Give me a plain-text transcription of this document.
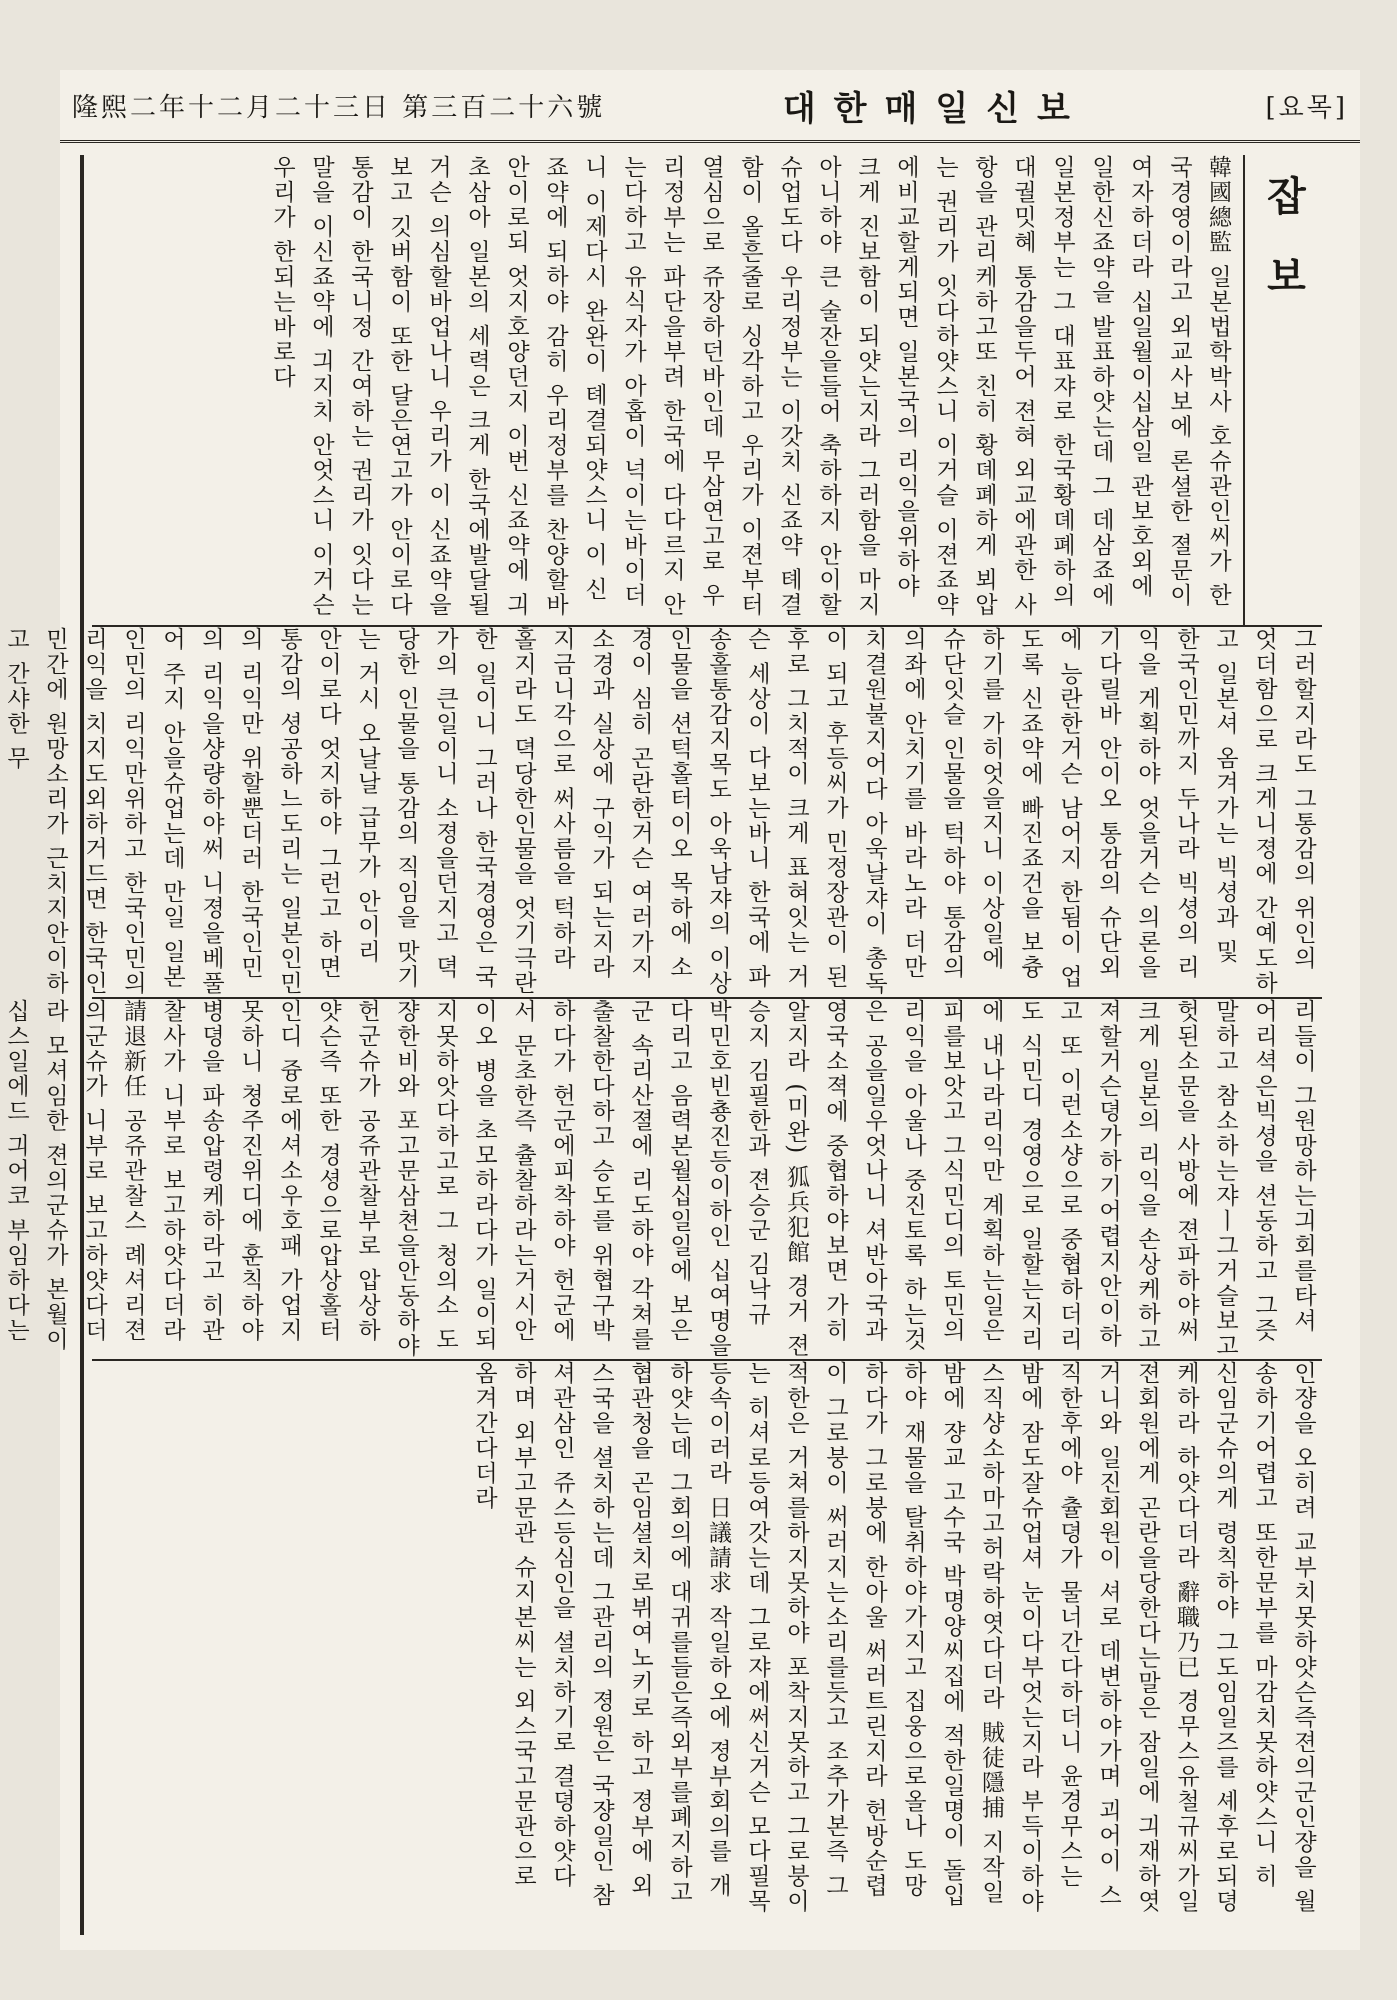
隆熙二年十二月二十三日 第三百二十六號	대한매일신보	[요목]
잡보
韓國總監 일본법학박사 호슈관인씨가 한국경영이라고 외교사보에 론셜한 졀문이 여자하더라 십일월이십삼일 관보호외에 일한신죠약을 발표하얏는데 그 데삼죠에 일본정부는 그 대표쟈로 한국황뎨폐하의 대궐밋혜 통감을두어 젼혀 외교에관한 사항을 관리케하고또 친히 황뎨폐하게 뵈압는 권리가 잇다하얏스니 이거슬 이젼죠약에비교할게되면 일본국의 리익을위하야 크게 진보함이 되얏는지라 그러함을 마지아니하야 큰 술잔을들어 축하하지 안이할슈업도다 우리정부는 이갓치 신죠약 톄결함이 올흔줄로 싱각하고 우리가 이젼부터 열심으로 쥬장하던바인데 무삼연고로 우리정부는 파단을부려 한국에 다다르지 안는다하고 유식자가 아홉이 넉이는바이더니 이제다시 완완이 톄결되얏스니 이 신죠약에 되하야 감히 우리정부를 찬양할바안이로되 엇지호양던지 이번 신죠약에 긔초삼아 일본의 세력은 크게 한국에발달될거슨 의심할바업나니 우리가 이 신죠약을보고 깃버함이 또한 달은연고가 안이로다 통감이 한국니정 간여하는 권리가 잇다는말을 이신죠약에 긔지치 안엇스니 이거슨 우리가 한되는바로다
그러할지라도 그통감의 위인의 엇더함으로 크게니졍에 간예도하고 일본셔 옴겨가는 빅셩과 및 한국인민까지 두나라 빅셩의 리익을 게획하야 엇을거슨 의론을 기다릴바 안이오 통감의 슈단외에 능란한거슨 남어지 한됨이 업도록 신죠약에 빠진죠건을 보츙하기를 가히엇을지니 이상일에 슈단잇슬 인물을 턱하야 통감의 의좌에 안치기를 바라노라 더만치결원불지어다 아욱날쟈이 총독이 되고 후등씨가 민정장관이 된 후로 그치적이 크게 표혀잇는 거슨 세상이 다보는바니 한국에 파송홀통감지목도 아욱남쟈의 이상인물을 션턱홀터이오 목하에 소경이 심히 곤란한거슨 여러가지 소경과 실상에 구익가 되는지라 지금니각으로 써사름을 턱하라 홀지라도 뎍당한인물을 엇기극란한 일이니 그러나 한국경영은 국가의 큰일이니 소졍을던지고 뎍당한 인물을 통감의 직임을 맛기는 거시 오날날 급무가 안이리 안이로다 엇지하야 그런고 하면 통감의 셩공하느도리는 일본인민의 리익만 위할뿐더러 한국인민의 리익을샹량하야써 니졍을베풀어 주지 안을슈업는데 만일 일본인민의 리익만위하고 한국인민의 리익을 치지도외하거드면 한국인민간에 원망소리가 근치지안이하고 간샤한 무
리들이 그원망하는긔회를타셔 어리셕은빅셩을 션동하고 그즛말하고 참소하는쟈ㅣ그거슬보고 헛된소문을 사방에 젼파하야써 크게 일본의 리익을 손상케하고져할거슨뎡가하기어렵지안이하고 또 이런소샹으로 중협하더리도 식민디 경영으로 일할는지리에 내나라리익만 계획하는일은 피를보앗고 그식민디의 토민의리익을 아울나 중진토록 하는것은 공을일우엇나니 셔반아국과 영국소젹에 중협하야보면 가히알지라 (미완) 狐兵犯館 경거 젼승지 김필한과 젼승군 김낙규 박민호빈춍진등이하인 십여명을다리고 음력본월십일일에 보은군 속리산졀에 리도하야 각쳐를 출찰한다하고 승도를 위협구박하다가 헌군에피착하야 헌군에서 문초한즉 츌찰하라는거시안이오 병을 초모하라다가 일이되지못하앗다하고로 그 청의소 도쟝한비와 포고문삼쳔을안동하야 헌군슈가 공쥬관찰부로 압상하얏슨즉 또한 경셩으로압상홀터인디 즁로에셔소우호패 가업지못하니 쳥주진위디에 훈칙하야 병뎡을 파송압령케하라고 히관찰사가 니부로 보고하얏다더라 請退新任 공쥬관찰스 례셔리젼의군슈가 니부로 보고하얏다더라 모셔임한 젼의군슈가 본월이십스일에드 긔어코 부임하다는
인쟝을 오히려 교부치못하얏슨즉젼의군인쟝을 월송하기어렵고 또한문부를 마감치못하얏스니 히 신임군슈의게 령칙하야 그도임일즈를 셰후로되뎡케하라 하얏다더라 辭職乃已 경무스유철규씨가일젼회원에게 곤란을당한다는말은 잠일에 긔재하엿거니와 일진회원이 셔로 데변하야가며 괴어이 스직한후에야 츌뎡가 물너간다하더니 윤경무스는 밤에 잠도잘슈업셔 눈이다부엇는지라 부득이하야 스직샹소하마고허락하엿다더라 賊徒隱捕 지작일밤에 쟝교 고수국 박명양씨집에 적한일명이 돌입하야 재물을 탈취하야가지고 집웅으로올나 도망하다가 그로붕에 한아울 써러트린지라 헌방순렵이 그로붕이 써러지는소리를듯고 조추가본즉 그적한은 거쳐를하지못하야 포착지못하고 그로붕이는 히셔로등여갓는데 그로쟈에써신거슨 모다필목등속이러라 日議請求 작일하오에 졍부회의를 개하얏는데 그회의에 대귀를들은즉외부를폐지하고 협관청을 곤임셜치로뷔여노키로 하고 졍부에 외스국을 셜치하는데 그관리의 졍원은 국쟝일인 참셔관삼인 쥬스등심인을 셜치하기로 결뎡하얏다 하며 외부고문관 슈지본씨는 외스국고문관으로 옴겨간다더라
